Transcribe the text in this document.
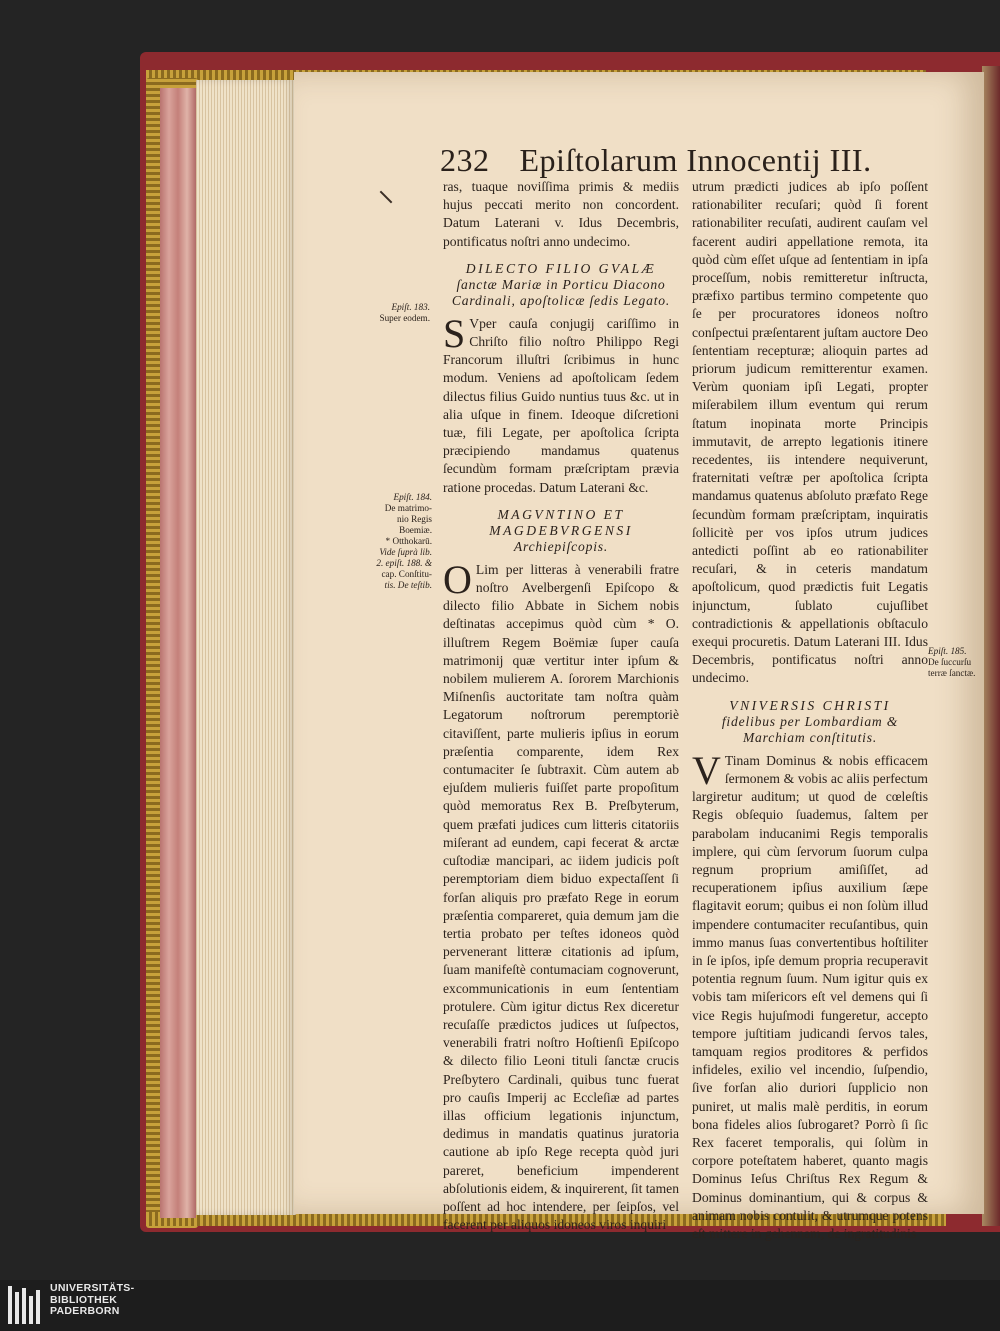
232 Epiſtolarum Innocentij III.
Epiſt. 183.
Super eodem.
Epiſt. 184.
De matrimo-
nio Regis
Boemiæ.
* Otthokarū.
Vide ſuprà lib.
2. epiſt. 188. &
cap. Conſtitu-
tis. De teſtib.
Epiſt. 185.
De ſuccurſu
terræ ſanctæ.

ras, tuaque noviſſima primis & mediis hujus peccati merito non concordent. Datum Laterani v. Idus Decembris, pontificatus noſtri anno undecimo.

DILECTO FILIO GVALÆ
ſanctæ Mariæ in Porticu Diacono Cardinali, apoſtolicæ ſedis Legato.

S Vper cauſa conjugij cariſſimo in Chriſto filio noſtro Philippo Regi Francorum illuſtri ſcribimus in hunc modum. Veniens ad apoſtolicam ſedem dilectus filius Guido nuntius tuus &c. ut in alia uſque in finem. Ideoque diſcretioni tuæ, fili Legate, per apoſtolica ſcripta præcipiendo mandamus quatenus ſecundùm formam præſcriptam prævia ratione procedas. Datum Laterani &c.

MAGVNTINO ET MAGDEBVRGENSI
Archiepiſcopis.

O Lim per litteras à venerabili fratre noſtro Avelbergenſi Epiſcopo & dilecto filio Abbate in Sichem nobis deſtinatas accepimus quòd cùm * O. illuſtrem Regem Boëmiæ ſuper cauſa matrimonij quæ vertitur inter ipſum & nobilem mulierem A. ſororem Marchionis Miſnenſis auctoritate tam noſtra quàm Legatorum noſtrorum peremptoriè citaviſſent, parte mulieris ipſius in eorum præſentia comparente, idem Rex contumaciter ſe ſubtraxit. Cùm autem ab ejuſdem mulieris fuiſſet parte propoſitum quòd memoratus Rex B. Preſbyterum, quem præfati judices cum litteris citatoriis miſerant ad eundem, capi fecerat & arctæ cuſtodiæ mancipari, ac iidem judicis poſt peremptoriam diem biduo expectaſſent ſi forſan aliquis pro præfato Rege in eorum præſentia compareret, quia demum jam die tertia probato per teſtes idoneos quòd pervenerant litteræ citationis ad ipſum, ſuam manifeſtè contumaciam cognoverunt, excommunicationis in eum ſententiam protulere. Cùm igitur dictus Rex diceretur recuſaſſe prædictos judices ut ſuſpectos, venerabili fratri noſtro Hoſtienſi Epiſcopo & dilecto filio Leoni tituli ſanctæ crucis Preſbytero Cardinali, quibus tunc fuerat pro cauſis Imperij ac Eccleſiæ ad partes illas officium legationis injunctum, dedimus in mandatis quatinus juratoria cautione ab ipſo Rege recepta quòd juri pareret, beneficium impenderent abſolutionis eidem, & inquirerent, ſit tamen poſſent ad hoc intendere, per ſeipſos, vel facerent per aliquos idoneos viros inquiri

utrum prædicti judices ab ipſo poſſent rationabiliter recuſari; quòd ſi forent rationabiliter recuſati, audirent cauſam vel facerent audiri appellatione remota, ita quòd cùm eſſet uſque ad ſententiam in ipſa proceſſum, nobis remitteretur inſtructa, præfixo partibus termino competente quo ſe per procuratores idoneos noſtro conſpectui præſentarent juſtam auctore Deo ſententiam recepturæ; alioquin partes ad priorum judicum remitterentur examen. Verùm quoniam ipſi Legati, propter miſerabilem illum eventum qui rerum ſtatum inopinata morte Principis immutavit, de arrepto legationis itinere recedentes, iis intendere nequiverunt, fraternitati veſtræ per apoſtolica ſcripta mandamus quatenus abſoluto præfato Rege ſecundùm formam præſcriptam, inquiratis ſollicitè per vos ipſos utrum judices antedicti poſſint ab eo rationabiliter recuſari, & in ceteris mandatum apoſtolicum, quod prædictis fuit Legatis injunctum, ſublato cujuſlibet contradictionis & appellationis obſtaculo exequi procuretis. Datum Laterani III. Idus Decembris, pontificatus noſtri anno undecimo.

VNIVERSIS CHRISTI
fidelibus per Lombardiam & Marchiam conſtitutis.

V Tinam Dominus & nobis efficacem ſermonem & vobis ac aliis perfectum largiretur auditum; ut quod de cœleſtis Regis obſequio ſuademus, ſaltem per parabolam inducanimi Regis temporalis implere, qui cùm ſervorum ſuorum culpa regnum proprium amiſiſſet, ad recuperationem ipſius auxilium ſæpe flagitavit eorum; quibus ei non ſolùm illud impendere contumaciter recuſantibus, quin immo manus ſuas convertentibus hoſtiliter in ſe ipſos, ipſe demum propria recuperavit potentia regnum ſuum. Num igitur quis ex vobis tam miſericors eſt vel demens qui ſi vice Regis hujuſmodi fungeretur, accepto tempore juſtitiam judicandi ſervos tales, tamquam regios proditores & perfidos infideles, exilio vel incendio, ſuſpendio, ſive forſan alio duriori ſupplicio non puniret, ut malis malè perditis, in eorum bona fideles alios ſubrogaret? Porrò ſi ſic Rex faceret temporalis, qui ſolùm in corpore poteſtatem haberet, quanto magis Dominus Ieſus Chriſtus Rex Regum & Dominus dominantium, qui & corpus & animam nobis contulit, & utrumque potens eſt mittere in gehennam, de ingratitudinis

UNIVERSITÄTS-
BIBLIOTHEK
PADERBORN
